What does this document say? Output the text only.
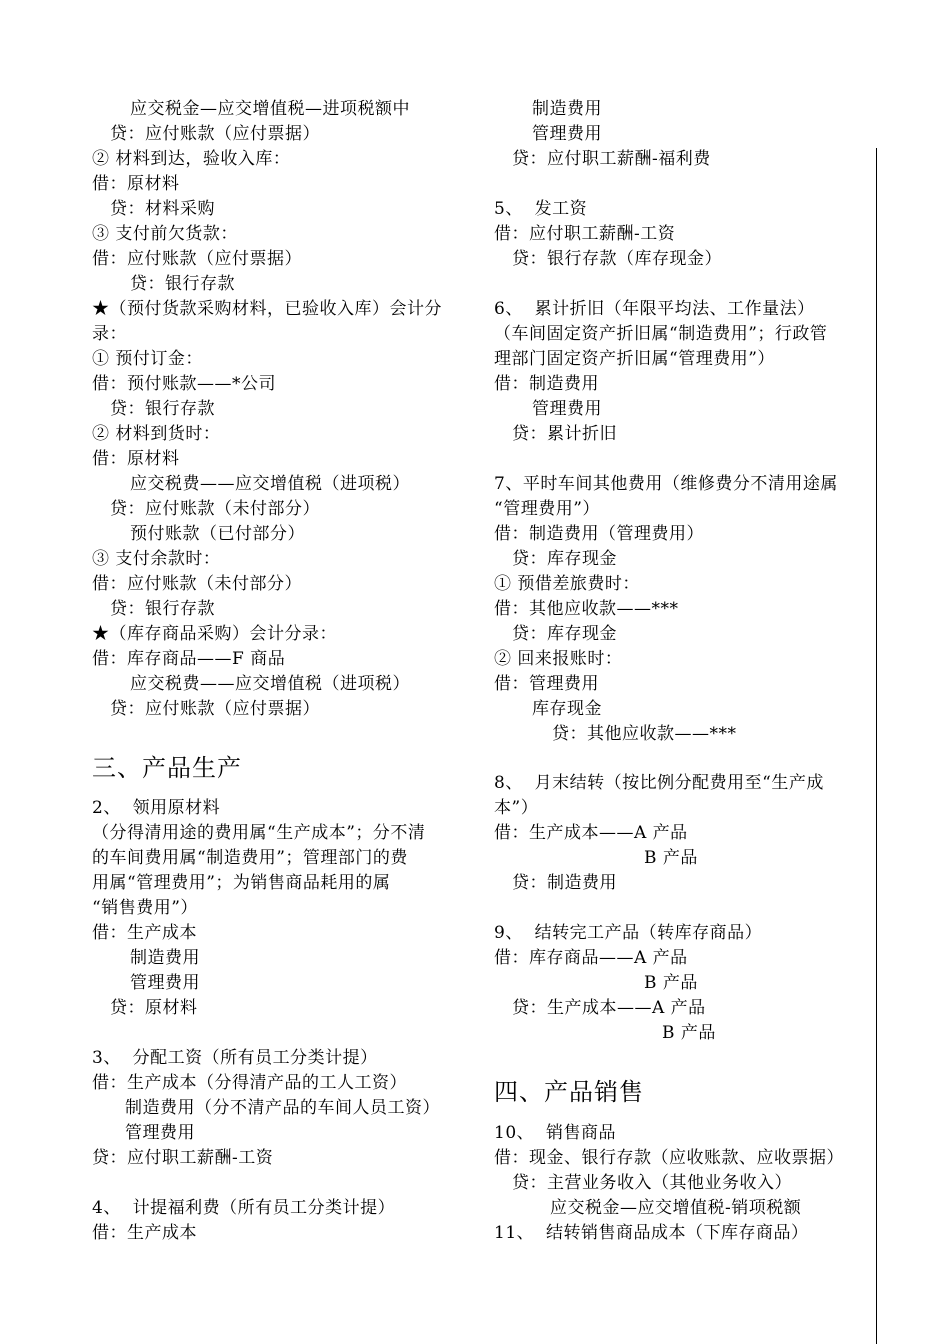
应交税金—应交增值税—进项税额中
贷：应付账款（应付票据）
② 材料到达，验收入库：
借：原材料
贷：材料采购
③ 支付前欠货款：
借：应付账款（应付票据）
贷：银行存款
★（预付货款采购材料，已验收入库）会计分
录：
① 预付订金：
借：预付账款——*公司
贷：银行存款
② 材料到货时：
借：原材料
应交税费——应交增值税（进项税）
贷：应付账款（未付部分）
预付账款（已付部分）
③ 支付余款时：
借：应付账款（未付部分）
贷：银行存款
★（库存商品采购）会计分录：
借：库存商品——F 商品
应交税费——应交增值税（进项税）
贷：应付账款（应付票据）
三、产品生产
2、  领用原材料
（分得清用途的费用属“生产成本”；分不清
的车间费用属“制造费用”；管理部门的费
用属“管理费用”；为销售商品耗用的属
“销售费用”）
借：生产成本
制造费用
管理费用
贷：原材料
3、  分配工资（所有员工分类计提）
借：生产成本（分得清产品的工人工资）
制造费用（分不清产品的车间人员工资）
管理费用
贷：应付职工薪酬-工资
4、  计提福利费（所有员工分类计提）
借：生产成本
制造费用
管理费用
贷：应付职工薪酬-福利费
5、  发工资
借：应付职工薪酬-工资
贷：银行存款（库存现金）
6、  累计折旧（年限平均法、工作量法）
（车间固定资产折旧属“制造费用”；行政管
理部门固定资产折旧属“管理费用”）
借：制造费用
管理费用
贷：累计折旧
7、平时车间其他费用（维修费分不清用途属
“管理费用”）
借：制造费用（管理费用）
贷：库存现金
① 预借差旅费时：
借：其他应收款——***
贷：库存现金
② 回来报账时：
借：管理费用
库存现金
贷：其他应收款——***
8、  月末结转（按比例分配费用至“生产成
本”）
借：生产成本——A 产品
B 产品
贷：制造费用
9、  结转完工产品（转库存商品）
借：库存商品——A 产品
B 产品
贷：生产成本——A 产品
B 产品
四、产品销售
10、  销售商品
借：现金、银行存款（应收账款、应收票据）
贷：主营业务收入（其他业务收入）
应交税金—应交增值税-销项税额
11、  结转销售商品成本（下库存商品）
